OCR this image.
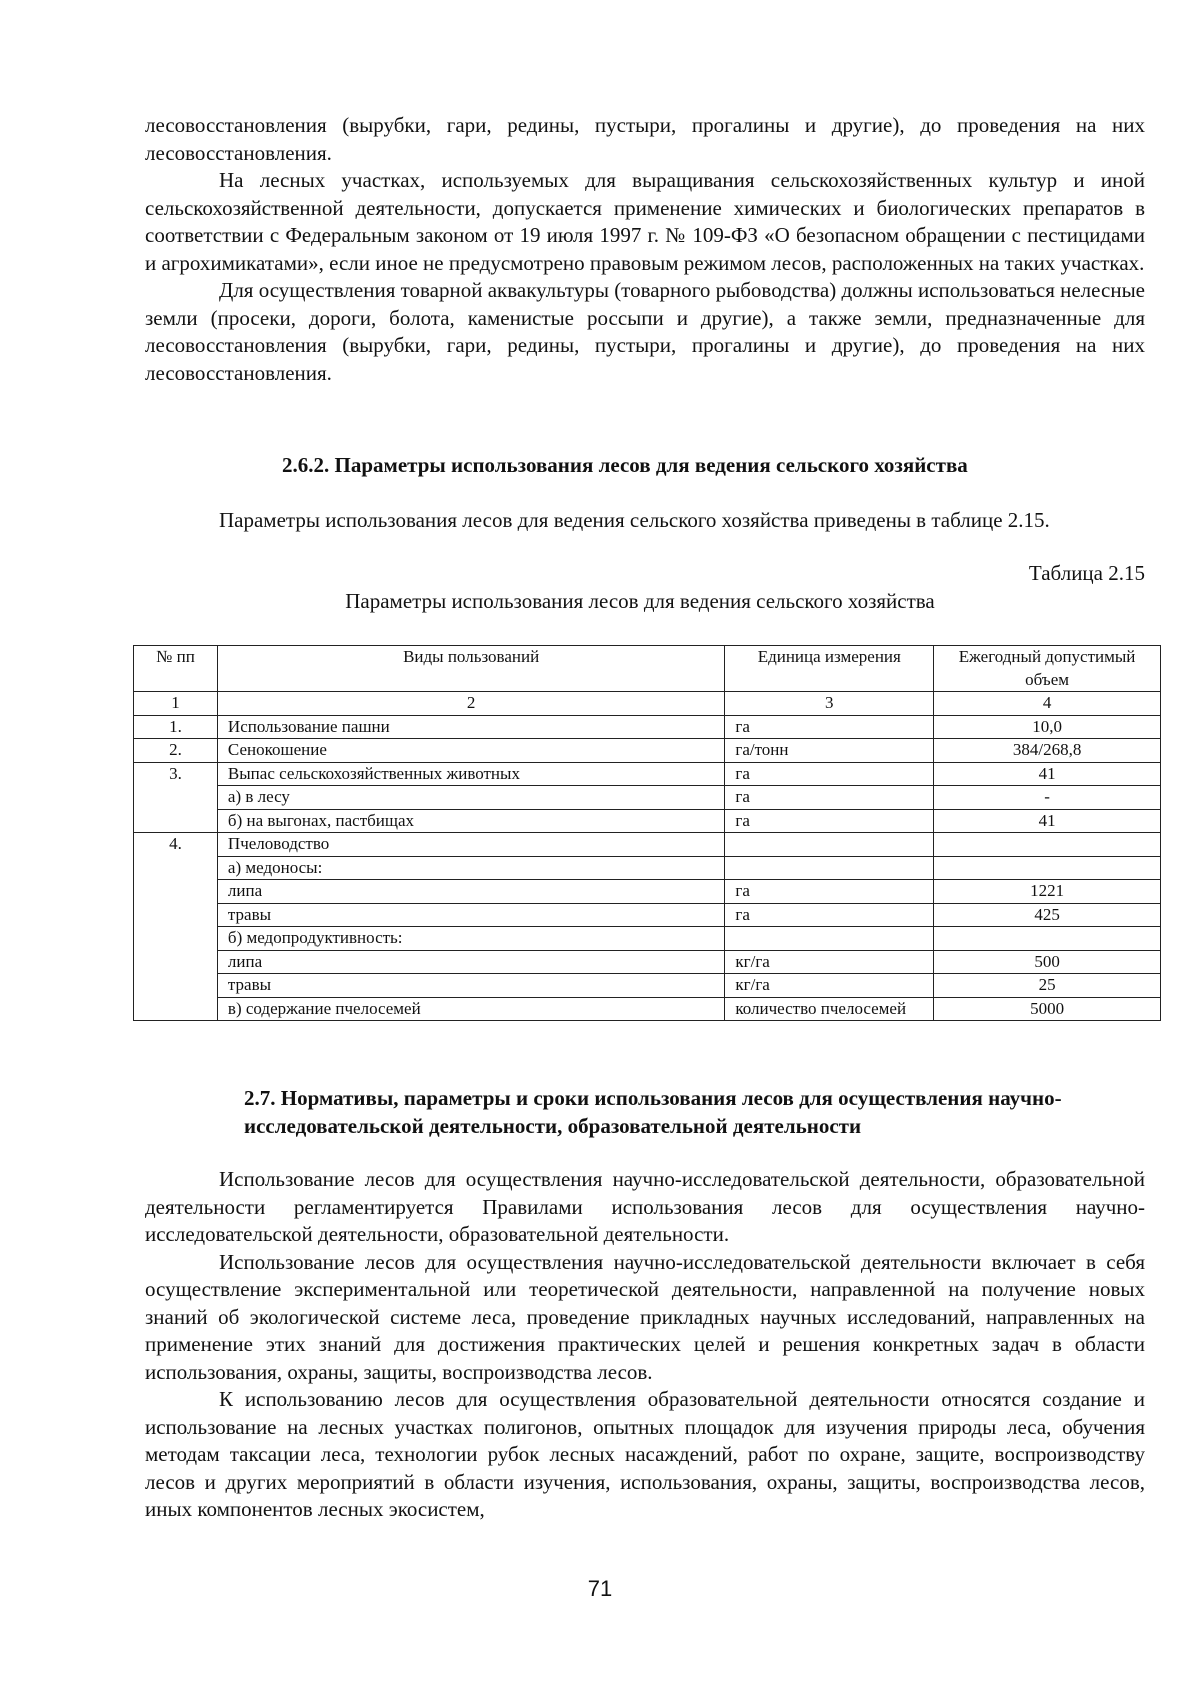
лесовосстановления (вырубки, гари, редины, пустыри, прогалины и другие), до проведения на них лесовосстановления.

На лесных участках, используемых для выращивания сельскохозяйственных культур и иной сельскохозяйственной деятельности, допускается применение химических и биологических препаратов в соответствии с Федеральным законом от 19 июля 1997 г. № 109-ФЗ «О безопасном обращении с пестицидами и агрохимикатами», если иное не предусмотрено правовым режимом лесов, расположенных на таких участках.

Для осуществления товарной аквакультуры (товарного рыбоводства) должны использоваться нелесные земли (просеки, дороги, болота, каменистые россыпи и другие), а также земли, предназначенные для лесовосстановления (вырубки, гари, редины, пустыри, прогалины и другие), до проведения на них лесовосстановления.

2.6.2. Параметры использования лесов для ведения сельского хозяйства

Параметры использования лесов для ведения сельского хозяйства приведены в таблице 2.15.

Таблица 2.15
Параметры использования лесов для ведения сельского хозяйства
№ пп	Виды пользований	Единица измерения	Ежегодный допустимый объем
1	2	3	4
1.	Использование пашни	га	10,0
2.	Сенокошение	га/тонн	384/268,8
3.	Выпас сельскохозяйственных животных	га	41
	а) в лесу	га	-
	б) на выгонах, пастбищах	га	41
4.	Пчеловодство		
	а) медоносы:		
	липа	га	1221
	травы	га	425
	б) медопродуктивность:		
	липа	кг/га	500
	травы	кг/га	25
	в) содержание пчелосемей	количество пчелосемей	5000
2.7. Нормативы, параметры и сроки использования лесов для осуществления научно-исследовательской деятельности, образовательной деятельности

Использование лесов для осуществления научно-исследовательской деятельности, образовательной деятельности регламентируется Правилами использования лесов для осуществления научно-исследовательской деятельности, образовательной деятельности.

Использование лесов для осуществления научно-исследовательской деятельности включает в себя осуществление экспериментальной или теоретической деятельности, направленной на получение новых знаний об экологической системе леса, проведение прикладных научных исследований, направленных на применение этих знаний для достижения практических целей и решения конкретных задач в области использования, охраны, защиты, воспроизводства лесов.

К использованию лесов для осуществления образовательной деятельности относятся создание и использование на лесных участках полигонов, опытных площадок для изучения природы леса, обучения методам таксации леса, технологии рубок лесных насаждений, работ по охране, защите, воспроизводству лесов и других мероприятий в области изучения, использования, охраны, защиты, воспроизводства лесов, иных компонентов лесных экосистем,

71
